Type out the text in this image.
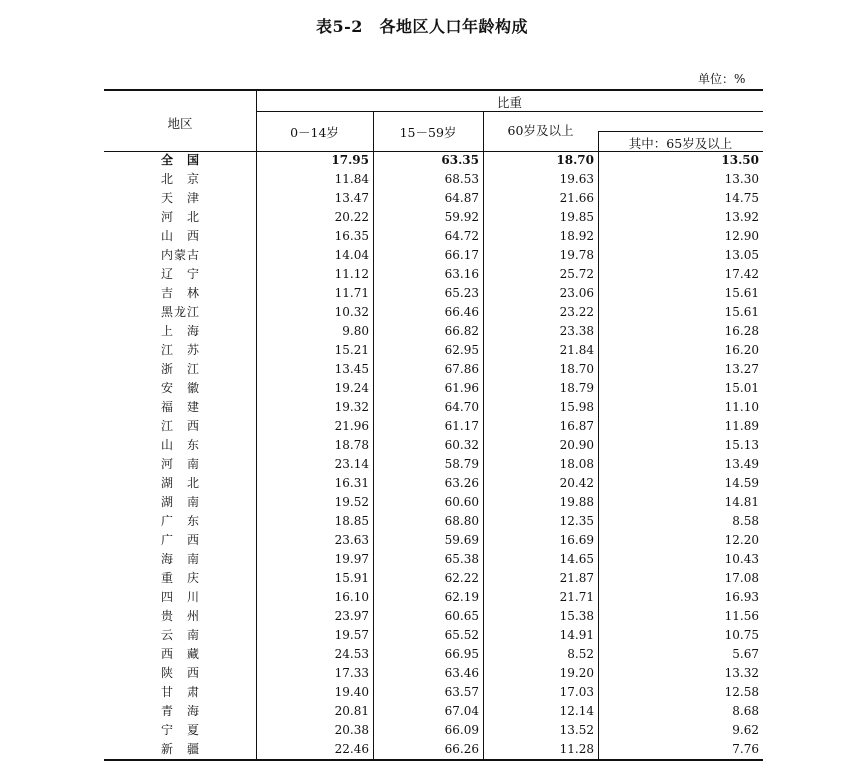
表5-2　各地区人口年龄构成
单位：%
地区
比重
0－14岁	15－59岁	60岁及以上
其中：65岁及以上
全 国	17.95	63.35	18.70	13.50
北 京	11.84	68.53	19.63	13.30
天 津	13.47	64.87	21.66	14.75
河 北	20.22	59.92	19.85	13.92
山 西	16.35	64.72	18.92	12.90
内蒙古	14.04	66.17	19.78	13.05
辽 宁	11.12	63.16	25.72	17.42
吉 林	11.71	65.23	23.06	15.61
黑龙江	10.32	66.46	23.22	15.61
上 海	9.80	66.82	23.38	16.28
江 苏	15.21	62.95	21.84	16.20
浙 江	13.45	67.86	18.70	13.27
安 徽	19.24	61.96	18.79	15.01
福 建	19.32	64.70	15.98	11.10
江 西	21.96	61.17	16.87	11.89
山 东	18.78	60.32	20.90	15.13
河 南	23.14	58.79	18.08	13.49
湖 北	16.31	63.26	20.42	14.59
湖 南	19.52	60.60	19.88	14.81
广 东	18.85	68.80	12.35	8.58
广 西	23.63	59.69	16.69	12.20
海 南	19.97	65.38	14.65	10.43
重 庆	15.91	62.22	21.87	17.08
四 川	16.10	62.19	21.71	16.93
贵 州	23.97	60.65	15.38	11.56
云 南	19.57	65.52	14.91	10.75
西 藏	24.53	66.95	8.52	5.67
陕 西	17.33	63.46	19.20	13.32
甘 肃	19.40	63.57	17.03	12.58
青 海	20.81	67.04	12.14	8.68
宁 夏	20.38	66.09	13.52	9.62
新 疆	22.46	66.26	11.28	7.76
